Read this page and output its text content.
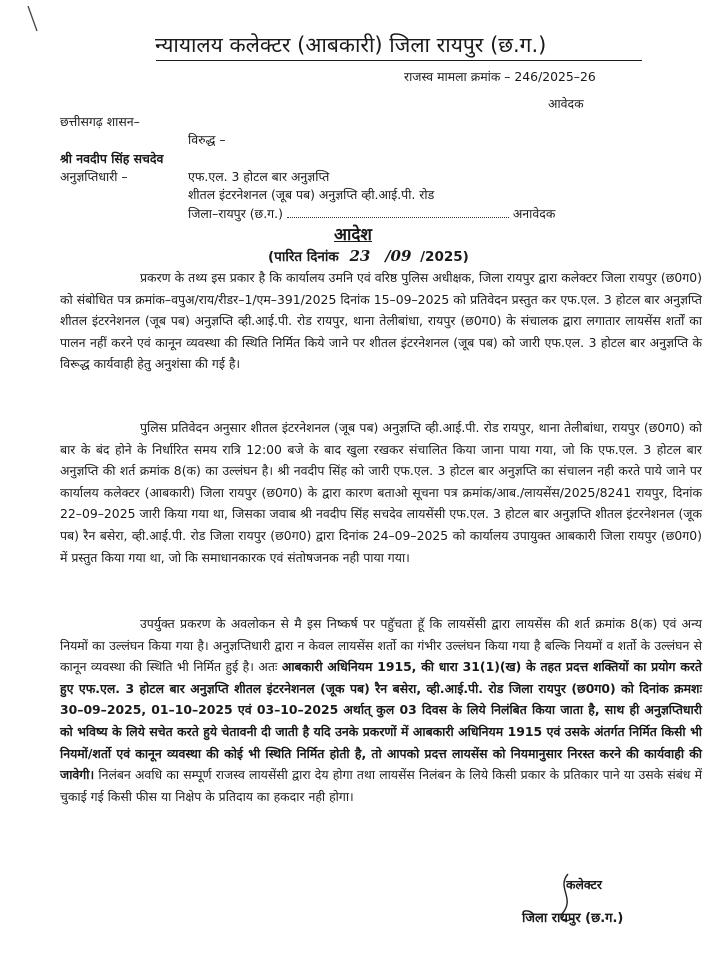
न्यायालय कलेक्टर (आबकारी) जिला रायपुर (छ.ग.)
राजस्व मामला क्रमांक – 246/2025–26
आवेदक
छत्तीसगढ़ शासन–
विरुद्ध –
श्री नवदीप सिंह सचदेव
अनुज्ञप्तिधारी –	एफ.एल. 3 होटल बार अनुज्ञप्ति
शीतल इंटरनेशनल (जूब पब) अनुज्ञप्ति व्ही.आई.पी. रोड
जिला–रायपुर (छ.ग.)	अनावेदक
आदेश
(पारित दिनांक 23 /09 /2025)
प्रकरण के तथ्य इस प्रकार है कि कार्यालय उमनि एवं वरिष्ठ पुलिस अधीक्षक, जिला रायपुर द्वारा कलेक्टर जिला रायपुर (छ0ग0) को संबोधित पत्र क्रमांक–वपुअ/राय/रीडर–1/एम–391/2025 दिनांक 15–09–2025 को प्रतिवेदन प्रस्तुत कर एफ.एल. 3 होटल बार अनुज्ञप्ति शीतल इंटरनेशनल (जूब पब) अनुज्ञप्ति व्ही.आई.पी. रोड रायपुर, थाना तेलीबांधा, रायपुर (छ0ग0) के संचालक द्वारा लगातार लायसेंस शर्तों का पालन नहीं करने एवं कानून व्यवस्था की स्थिति निर्मित किये जाने पर शीतल इंटरनेशनल (जूब पब) को जारी एफ.एल. 3 होटल बार अनुज्ञप्ति के विरूद्ध कार्यवाही हेतु अनुशंसा की गई है।
पुलिस प्रतिवेदन अनुसार शीतल इंटरनेशनल (जूब पब) अनुज्ञप्ति व्ही.आई.पी. रोड रायपुर, थाना तेलीबांधा, रायपुर (छ0ग0) को बार के बंद होने के निर्धारित समय रात्रि 12:00 बजे के बाद खुला रखकर संचालित किया जाना पाया गया, जो कि एफ.एल. 3 होटल बार अनुज्ञप्ति की शर्त क्रमांक 8(क) का उल्लंघन है। श्री नवदीप सिंह को जारी एफ.एल. 3 होटल बार अनुज्ञप्ति का संचालन नही करते पाये जाने पर कार्यालय कलेक्टर (आबकारी) जिला रायपुर (छ0ग0) के द्वारा कारण बताओ सूचना पत्र क्रमांक/आब./लायसेंस/2025/8241 रायपुर, दिनांक 22–09–2025 जारी किया गया था, जिसका जवाब श्री नवदीप सिंह सचदेव लायसेंसी एफ.एल. 3 होटल बार अनुज्ञप्ति शीतल इंटरनेशनल (जूक पब) रैन बसेरा, व्ही.आई.पी. रोड जिला रायपुर (छ0ग0) द्वारा दिनांक 24–09–2025 को कार्यालय उपायुक्त आबकारी जिला रायपुर (छ0ग0) में प्रस्तुत किया गया था, जो कि समाधानकारक एवं संतोषजनक नही पाया गया।
उपर्युक्त प्रकरण के अवलोकन से मै इस निष्कर्ष पर पहुॅचता हूॅ कि लायसेंसी द्वारा लायसेंस की शर्त क्रमांक 8(क) एवं अन्य नियमों का उल्लंघन किया गया है। अनुज्ञप्तिधारी द्वारा न केवल लायसेंस शर्तो का गंभीर उल्लंघन किया गया है बल्कि नियमों व शर्तो के उल्लंघन से कानून व्यवस्था की स्थिति भी निर्मित हुई है। अतः आबकारी अधिनियम 1915, की धारा 31(1)(ख) के तहत प्रदत्त शक्तियों का प्रयोग करते हुए एफ.एल. 3 होटल बार अनुज्ञप्ति शीतल इंटरनेशनल (जूक पब) रैन बसेरा, व्ही.आई.पी. रोड जिला रायपुर (छ0ग0) को दिनांक क्रमशः 30–09–2025, 01–10–2025 एवं 03–10–2025 अर्थात् कुल 03 दिवस के लिये निलंबित किया जाता है, साथ ही अनुज्ञप्तिधारी को भविष्य के लिये सचेत करते हुये चेतावनी दी जाती है यदि उनके प्रकरणों में आबकारी अधिनियम 1915 एवं उसके अंतर्गत निर्मित किसी भी नियमों/शर्तो एवं कानून व्यवस्था की कोई भी स्थिति निर्मित होती है, तो आपको प्रदत्त लायसेंस को नियमानुसार निरस्त करने की कार्यवाही की जावेगी। निलंबन अवधि का सम्पूर्ण राजस्व लायसेंसी द्वारा देय होगा तथा लायसेंस निलंबन के लिये किसी प्रकार के प्रतिकार पाने या उसके संबंध में चुकाई गई किसी फीस या निक्षेप के प्रतिदाय का हकदार नही होगा।
कलेक्टर
जिला रायपुर (छ.ग.)
